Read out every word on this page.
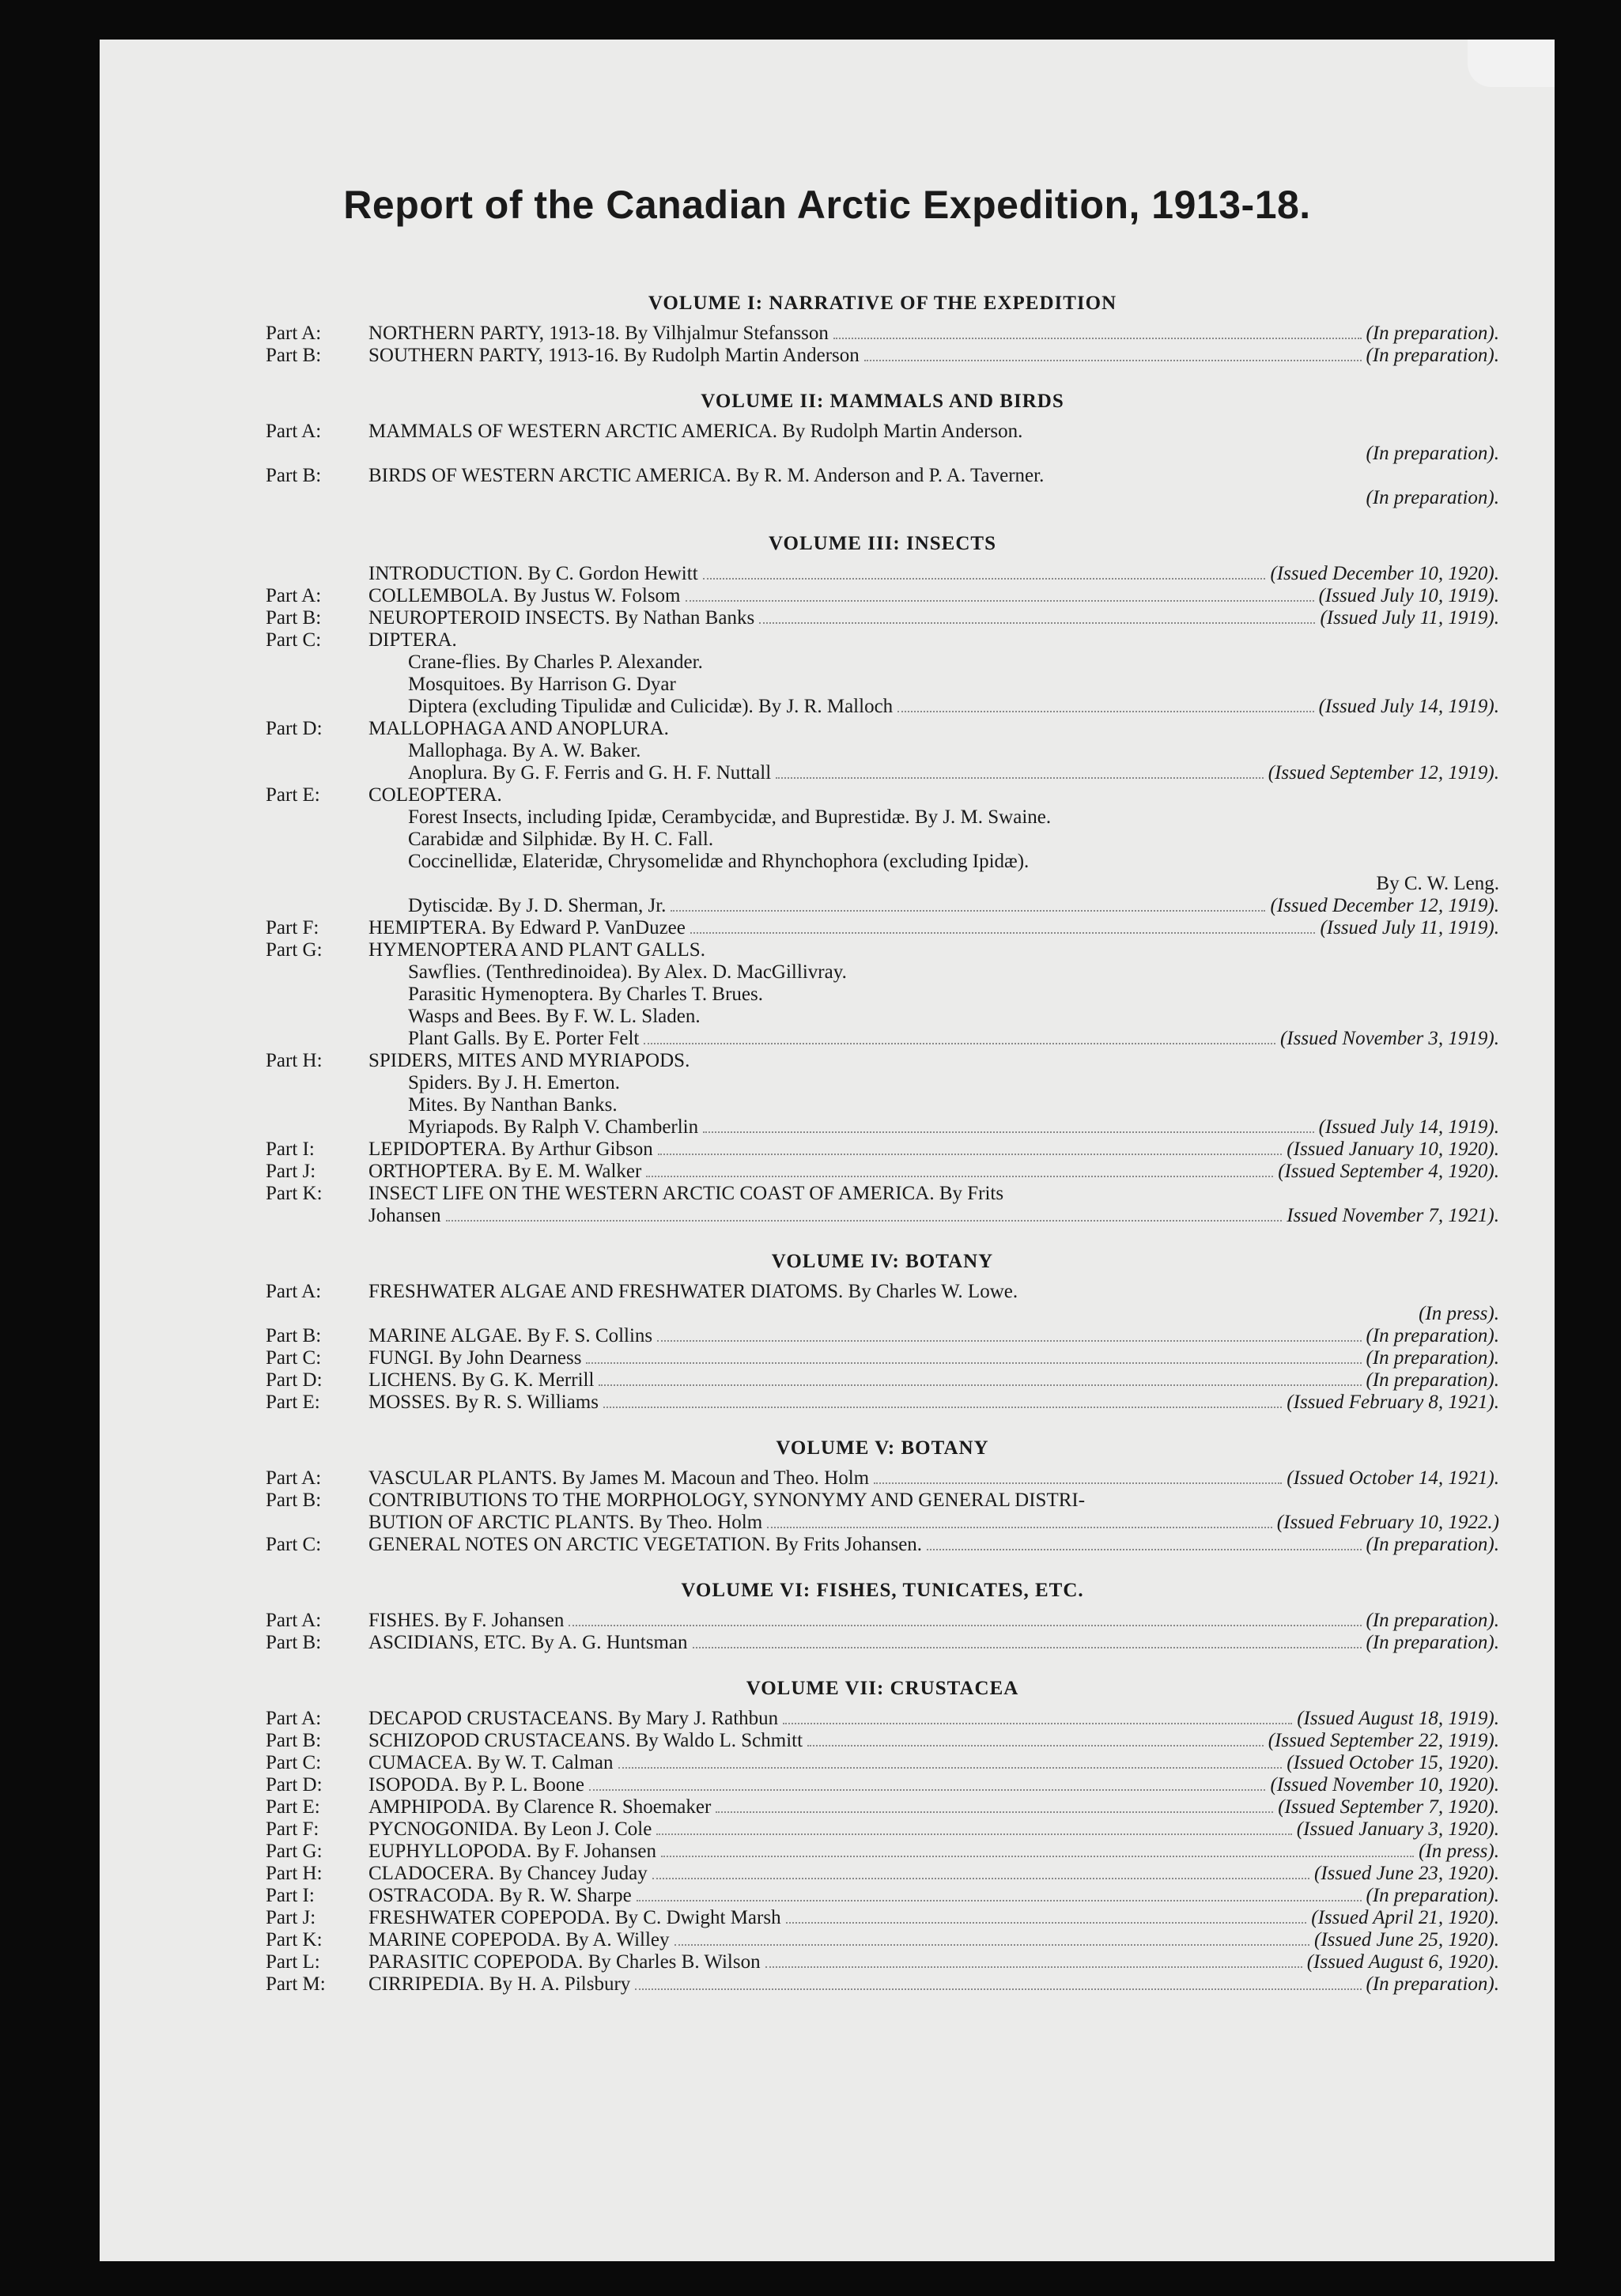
Report of the Canadian Arctic Expedition, 1913-18.
VOLUME I: NARRATIVE OF THE EXPEDITION
Part A:	NORTHERN PARTY, 1913-18. By Vilhjalmur Stefansson	(In preparation).
Part B:	SOUTHERN PARTY, 1913-16. By Rudolph Martin Anderson	(In preparation).
VOLUME II: MAMMALS AND BIRDS
Part A:	MAMMALS OF WESTERN ARCTIC AMERICA. By Rudolph Martin Anderson.
(In preparation).
Part B:	BIRDS OF WESTERN ARCTIC AMERICA. By R. M. Anderson and P. A. Taverner.
(In preparation).
VOLUME III: INSECTS
INTRODUCTION. By C. Gordon Hewitt	(Issued December 10, 1920).
Part A:	COLLEMBOLA. By Justus W. Folsom	(Issued July 10, 1919).
Part B:	NEUROPTEROID INSECTS. By Nathan Banks	(Issued July 11, 1919).
Part C:	DIPTERA.
Crane-flies. By Charles P. Alexander.
Mosquitoes. By Harrison G. Dyar
Diptera (excluding Tipulidæ and Culicidæ). By J. R. Malloch	(Issued July 14, 1919).
Part D:	MALLOPHAGA AND ANOPLURA.
Mallophaga. By A. W. Baker.
Anoplura. By G. F. Ferris and G. H. F. Nuttall	(Issued September 12, 1919).
Part E:	COLEOPTERA.
Forest Insects, including Ipidæ, Cerambycidæ, and Buprestidæ. By J. M. Swaine.
Carabidæ and Silphidæ. By H. C. Fall.
Coccinellidæ, Elateridæ, Chrysomelidæ and Rhynchophora (excluding Ipidæ).
By C. W. Leng.
Dytiscidæ. By J. D. Sherman, Jr.	(Issued December 12, 1919).
Part F:	HEMIPTERA. By Edward P. VanDuzee	(Issued July 11, 1919).
Part G:	HYMENOPTERA AND PLANT GALLS.
Sawflies. (Tenthredinoidea). By Alex. D. MacGillivray.
Parasitic Hymenoptera. By Charles T. Brues.
Wasps and Bees. By F. W. L. Sladen.
Plant Galls. By E. Porter Felt	(Issued November 3, 1919).
Part H:	SPIDERS, MITES AND MYRIAPODS.
Spiders. By J. H. Emerton.
Mites. By Nanthan Banks.
Myriapods. By Ralph V. Chamberlin	(Issued July 14, 1919).
Part I:	LEPIDOPTERA. By Arthur Gibson	(Issued January 10, 1920).
Part J:	ORTHOPTERA. By E. M. Walker	(Issued September 4, 1920).
Part K:	INSECT LIFE ON THE WESTERN ARCTIC COAST OF AMERICA. By Frits
Johansen	Issued November 7, 1921).
VOLUME IV: BOTANY
Part A:	FRESHWATER ALGAE AND FRESHWATER DIATOMS. By Charles W. Lowe.
(In press).
Part B:	MARINE ALGAE. By F. S. Collins	(In preparation).
Part C:	FUNGI. By John Dearness	(In preparation).
Part D:	LICHENS. By G. K. Merrill	(In preparation).
Part E:	MOSSES. By R. S. Williams	(Issued February 8, 1921).
VOLUME V: BOTANY
Part A:	VASCULAR PLANTS. By James M. Macoun and Theo. Holm	(Issued October 14, 1921).
Part B:	CONTRIBUTIONS TO THE MORPHOLOGY, SYNONYMY AND GENERAL DISTRI-
BUTION OF ARCTIC PLANTS. By Theo. Holm	(Issued February 10, 1922.)
Part C:	GENERAL NOTES ON ARCTIC VEGETATION. By Frits Johansen.	(In preparation).
VOLUME VI: FISHES, TUNICATES, ETC.
Part A:	FISHES. By F. Johansen	(In preparation).
Part B:	ASCIDIANS, ETC. By A. G. Huntsman	(In preparation).
VOLUME VII: CRUSTACEA
Part A:	DECAPOD CRUSTACEANS. By Mary J. Rathbun	(Issued August 18, 1919).
Part B:	SCHIZOPOD CRUSTACEANS. By Waldo L. Schmitt	(Issued September 22, 1919).
Part C:	CUMACEA. By W. T. Calman	(Issued October 15, 1920).
Part D:	ISOPODA. By P. L. Boone	(Issued November 10, 1920).
Part E:	AMPHIPODA. By Clarence R. Shoemaker	(Issued September 7, 1920).
Part F:	PYCNOGONIDA. By Leon J. Cole	(Issued January 3, 1920).
Part G:	EUPHYLLOPODA. By F. Johansen	(In press).
Part H:	CLADOCERA. By Chancey Juday	(Issued June 23, 1920).
Part I:	OSTRACODA. By R. W. Sharpe	(In preparation).
Part J:	FRESHWATER COPEPODA. By C. Dwight Marsh	(Issued April 21, 1920).
Part K:	MARINE COPEPODA. By A. Willey	(Issued June 25, 1920).
Part L:	PARASITIC COPEPODA. By Charles B. Wilson	(Issued August 6, 1920).
Part M:	CIRRIPEDIA. By H. A. Pilsbury	(In preparation).
